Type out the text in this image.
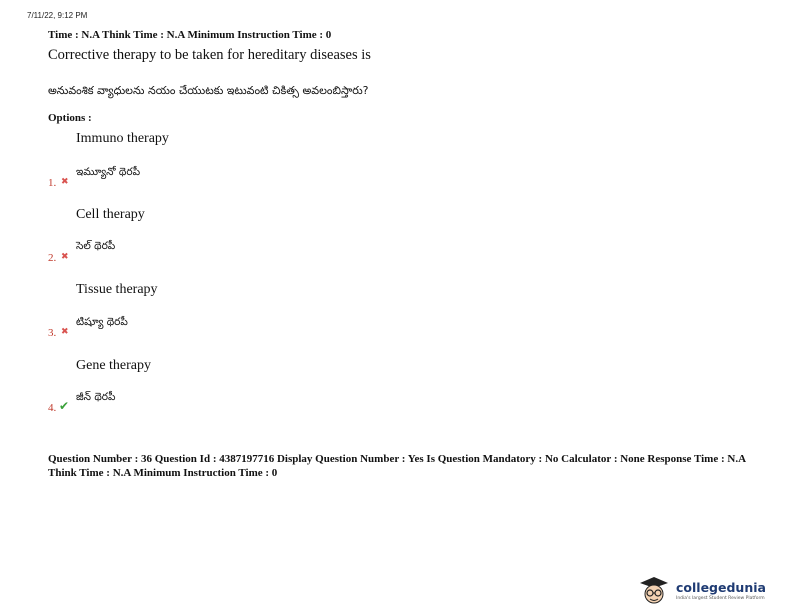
7/11/22, 9:12 PM
Time : N.A Think Time : N.A Minimum Instruction Time : 0
Corrective therapy to be taken for hereditary diseases is
అనువంశిక వ్యాధులను నయం చేయుటకు ఇటువంటి చికిత్స అవలంబిస్తారు?
Options :
Immuno therapy
1. ✖
ఇమ్యూనో థెరపీ
Cell therapy
2. ✖
సెల్ థెరపీ
Tissue therapy
3. ✖
టిష్యూ థెరపీ
Gene therapy
4. ✔
జీన్ థెరపీ
Question Number : 36 Question Id : 4387197716 Display Question Number : Yes Is Question Mandatory : No Calculator : None Response Time : N.A Think Time : N.A Minimum Instruction Time : 0
collegedunia
India's largest Student Review Platform
